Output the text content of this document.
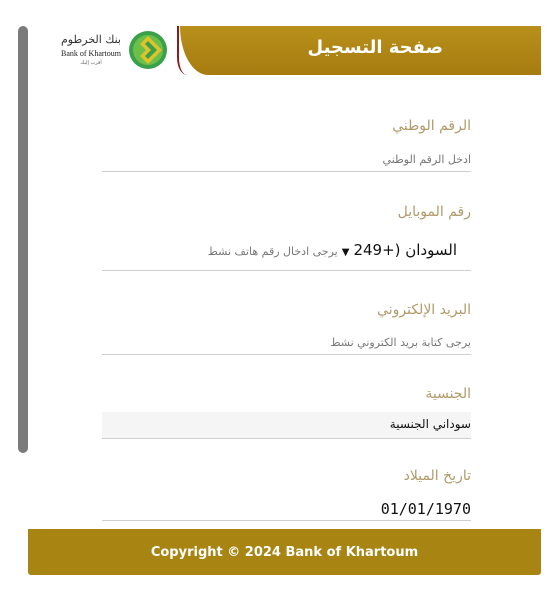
بنك الخرطوم
Bank of Khartoum
أقرب إليك
صفحة التسجيل
الرقم الوطني
ادخل الرقم الوطني
رقم الموبايل
السودان (+249▼يرجى ادخال رقم هاتف نشط
البريد الإلكتروني
يرجى كتابة بريد الكتروني نشط
الجنسية
سوداني الجنسية
تاريخ الميلاد
01/01/1970
Copyright © 2024 Bank of Khartoum
